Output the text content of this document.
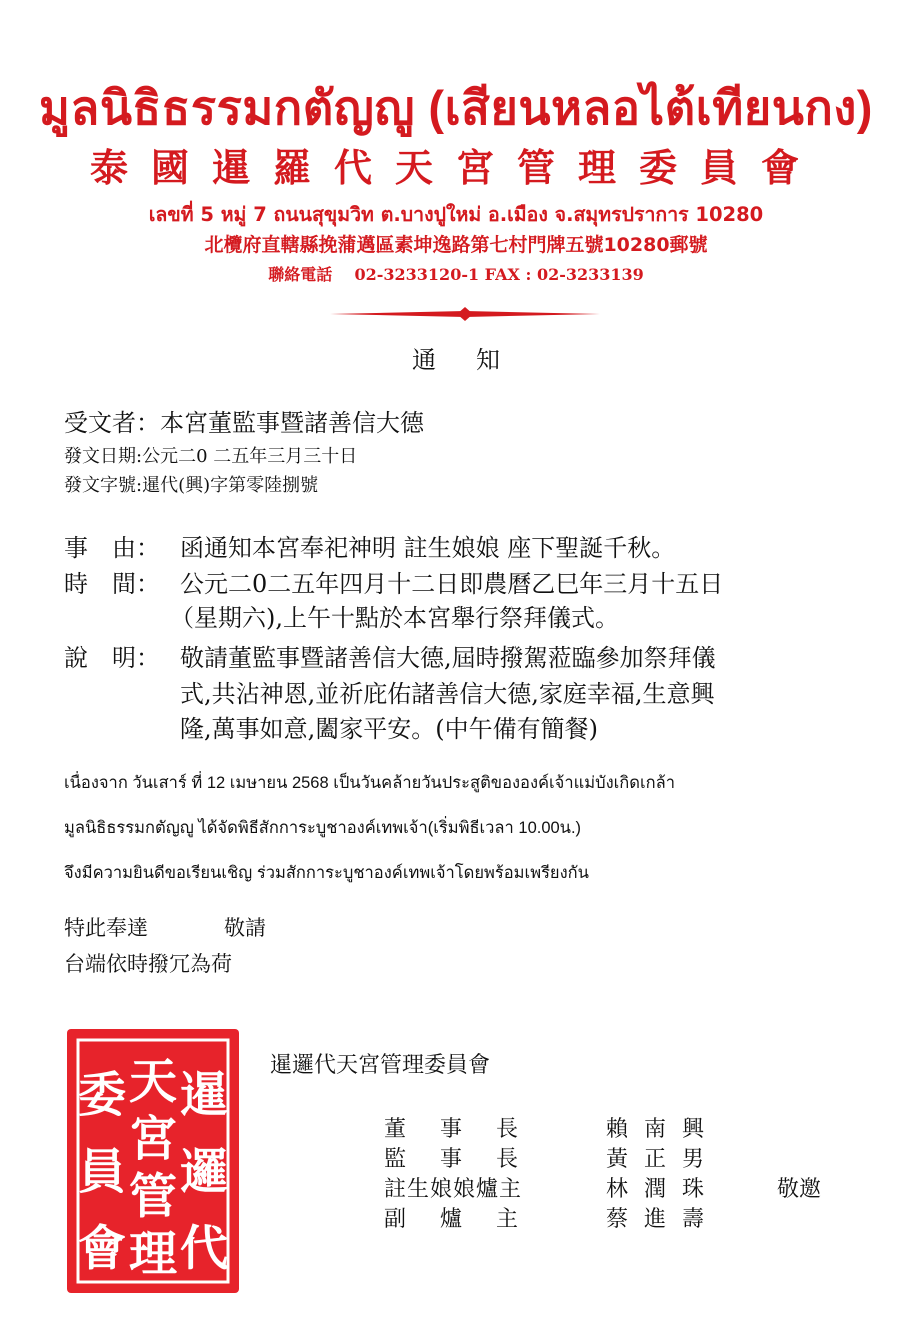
มูลนิธิธรรมกตัญญู (เสียนหลอไต้เทียนกง)
泰國暹羅代天宮管理委員會
เลขที่ 5 หมู่ 7 ถนนสุขุมวิท ต.บางปูใหม่ อ.เมือง จ.สมุทรปราการ 10280
北欖府直轄縣挽蒲邁區素坤逸路第七村門牌五號10280郵號
聯絡電話 02-3233120-1 FAX : 02-3233139
通知
受文者：本宮董監事暨諸善信大德
發文日期:公元二0 二五年三月三十日
發文字號:暹代(興)字第零陸捌號
事　由： 函通知本宮奉祀神明 註生娘娘 座下聖誕千秋。
時　間： 公元二0二五年四月十二日即農曆乙巳年三月十五日
（星期六),上午十點於本宮舉行祭拜儀式。
說　明： 敬請董監事暨諸善信大德,屆時撥駕蒞臨參加祭拜儀
式,共沾神恩,並祈庇佑諸善信大德,家庭幸福,生意興
隆,萬事如意,闔家平安。(中午備有簡餐)
เนื่องจาก วันเสาร์ ที่ 12 เมษายน 2568 เป็นวันคล้ายวันประสูติขององค์เจ้าแม่บังเกิดเกล้า
มูลนิธิธรรมกตัญญู ได้จัดพิธีสักการะบูชาองค์เทพเจ้า(เริ่มพิธีเวลา 10.00น.)
จึงมีความยินดีขอเรียนเชิญ ร่วมสักการะบูชาองค์เทพเจ้าโดยพร้อมเพรียงกัน
特此奉達	敬請
台端依時撥冗為荷
暹
邏
代
天
宮
管
理
委
員
會
暹邏代天宮管理委員會
董事長
監事長
註生娘娘爐主
副爐主
賴南興
黃正男
林潤珠
蔡進壽
敬邀
